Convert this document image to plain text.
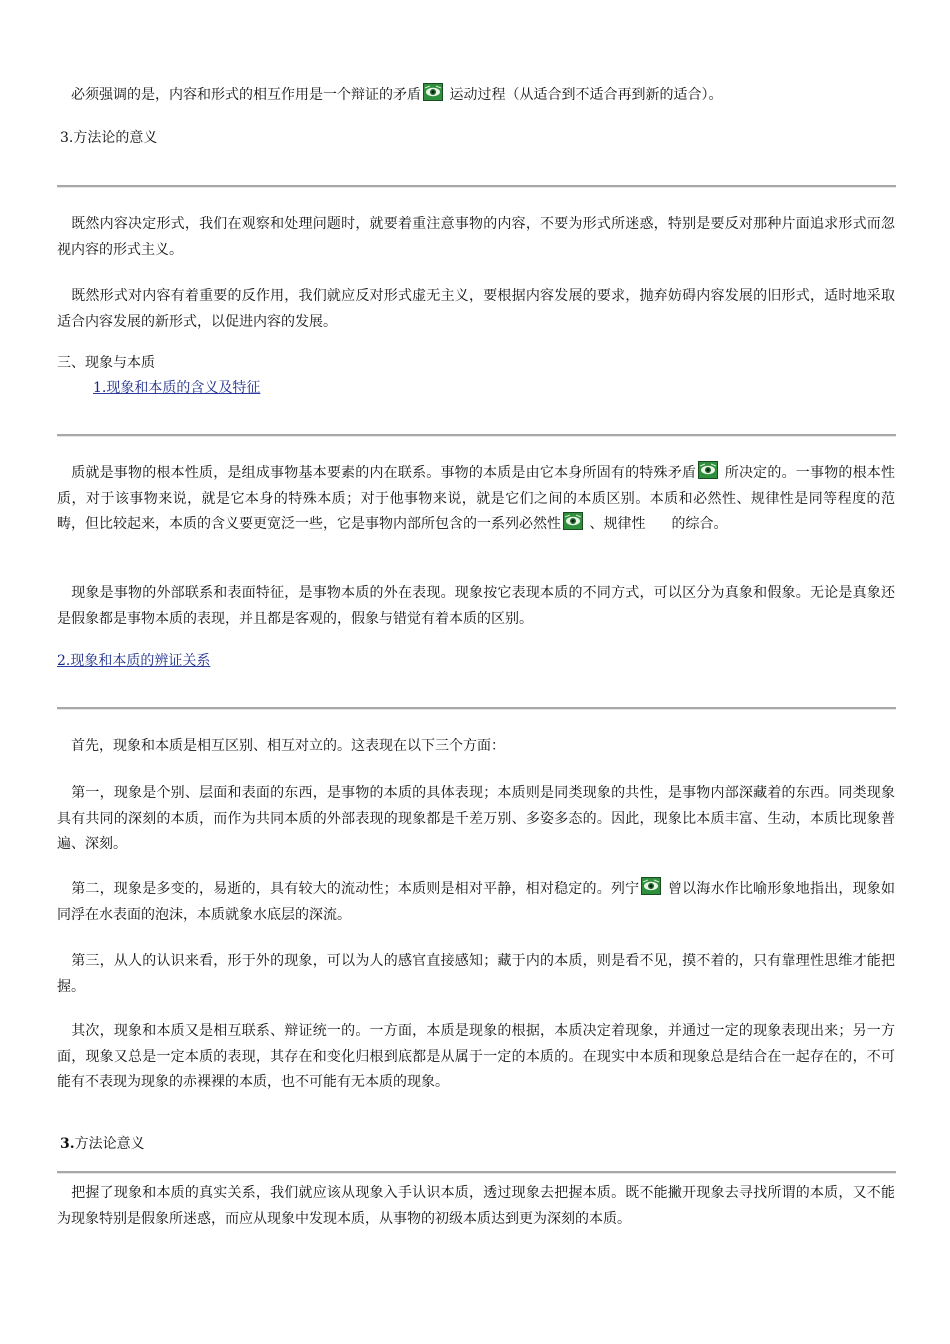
　必须强调的是，内容和形式的相互作用是一个辩证的矛盾 运动过程（从适合到不适合再到新的适合）。
3.方法论的意义
　既然内容决定形式，我们在观察和处理问题时，就要着重注意事物的内容，不要为形式所迷惑，特别是要反对那种片面追求形式而忽视内容的形式主义。
　既然形式对内容有着重要的反作用，我们就应反对形式虚无主义，要根据内容发展的要求，抛弃妨碍内容发展的旧形式，适时地采取适合内容发展的新形式，以促进内容的发展。
三、现象与本质
1.现象和本质的含义及特征
　质就是事物的根本性质，是组成事物基本要素的内在联系。事物的本质是由它本身所固有的特殊矛盾 所决定的。一事物的根本性质，对于该事物来说，就是它本身的特殊本质；对于他事物来说，就是它们之间的本质区别。本质和必然性、规律性是同等程度的范畴，但比较起来，本质的含义要更宽泛一些，它是事物内部所包含的一系列必然性 、规律性 的综合。
　现象是事物的外部联系和表面特征，是事物本质的外在表现。现象按它表现本质的不同方式，可以区分为真象和假象。无论是真象还是假象都是事物本质的表现，并且都是客观的，假象与错觉有着本质的区别。
2.现象和本质的辨证关系
　首先，现象和本质是相互区别、相互对立的。这表现在以下三个方面：
　第一，现象是个别、层面和表面的东西，是事物的本质的具体表现；本质则是同类现象的共性，是事物内部深藏着的东西。同类现象具有共同的深刻的本质，而作为共同本质的外部表现的现象都是千差万别、多姿多态的。因此，现象比本质丰富、生动，本质比现象普遍、深刻。
　第二，现象是多变的，易逝的，具有较大的流动性；本质则是相对平静，相对稳定的。列宁 曾以海水作比喻形象地指出，现象如同浮在水表面的泡沫，本质就象水底层的深流。
　第三，从人的认识来看，形于外的现象，可以为人的感官直接感知；藏于内的本质，则是看不见，摸不着的，只有靠理性思维才能把握。
　其次，现象和本质又是相互联系、辩证统一的。一方面，本质是现象的根据，本质决定着现象，并通过一定的现象表现出来；另一方面，现象又总是一定本质的表现，其存在和变化归根到底都是从属于一定的本质的。在现实中本质和现象总是结合在一起存在的，不可能有不表现为现象的赤裸裸的本质，也不可能有无本质的现象。
3.方法论意义
　把握了现象和本质的真实关系，我们就应该从现象入手认识本质，透过现象去把握本质。既不能撇开现象去寻找所谓的本质，又不能为现象特别是假象所迷惑，而应从现象中发现本质，从事物的初级本质达到更为深刻的本质。
